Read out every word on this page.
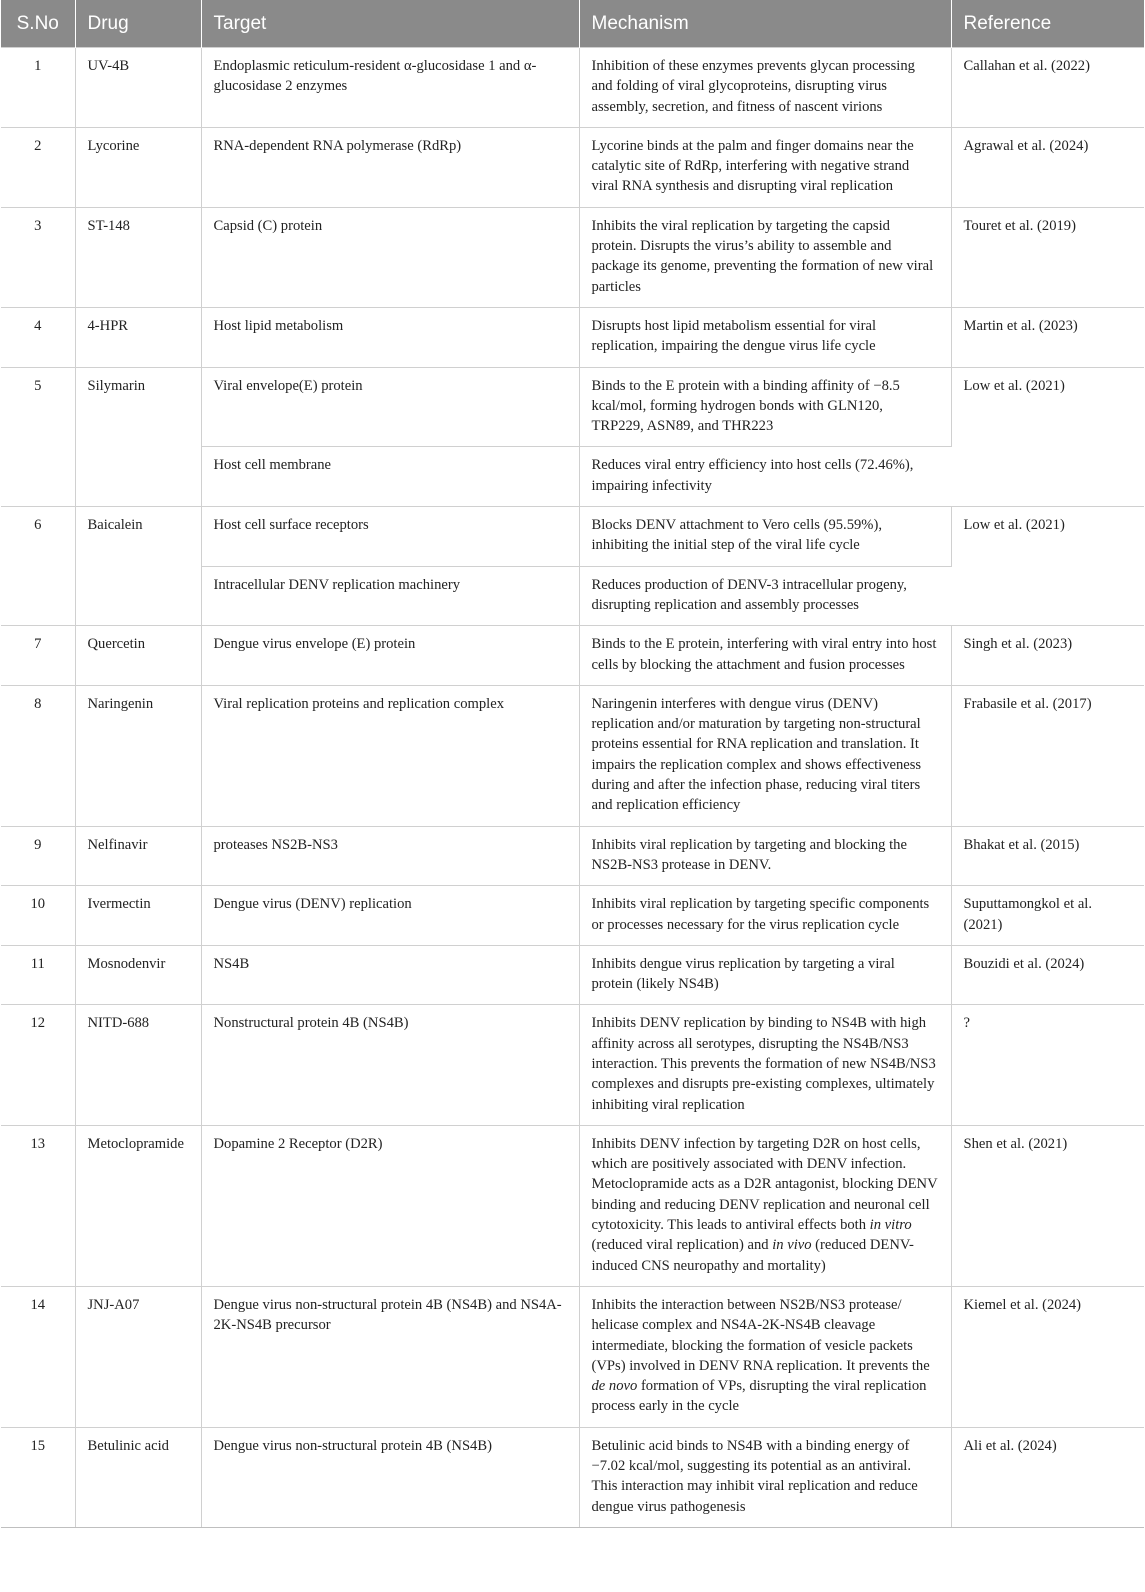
S.No	Drug	Target	Mechanism	Reference
1	UV-4B	Endoplasmic reticulum-resident α-glucosidase 1 and α-glucosidase 2 enzymes	Inhibition of these enzymes prevents glycan processing and folding of viral glycoproteins, disrupting virus assembly, secretion, and fitness of nascent virions	Callahan et al. (2022)
2	Lycorine	RNA-dependent RNA polymerase (RdRp)	Lycorine binds at the palm and finger domains near the catalytic site of RdRp, interfering with negative strand viral RNA synthesis and disrupting viral replication	Agrawal et al. (2024)
3	ST-148	Capsid (C) protein	Inhibits the viral replication by targeting the capsid protein. Disrupts the virus’s ability to assemble and package its genome, preventing the formation of new viral particles	Touret et al. (2019)
4	4-HPR	Host lipid metabolism	Disrupts host lipid metabolism essential for viral replication, impairing the dengue virus life cycle	Martin et al. (2023)
5	Silymarin	Viral envelope(E) protein	Binds to the E protein with a binding affinity of −8.5 kcal/mol, forming hydrogen bonds with GLN120, TRP229, ASN89, and THR223	Low et al. (2021)
		Host cell membrane	Reduces viral entry efficiency into host cells (72.46%), impairing infectivity	
6	Baicalein	Host cell surface receptors	Blocks DENV attachment to Vero cells (95.59%), inhibiting the initial step of the viral life cycle	Low et al. (2021)
		Intracellular DENV replication machinery	Reduces production of DENV-3 intracellular progeny, disrupting replication and assembly processes	
7	Quercetin	Dengue virus envelope (E) protein	Binds to the E protein, interfering with viral entry into host cells by blocking the attachment and fusion processes	Singh et al. (2023)
8	Naringenin	Viral replication proteins and replication complex	Naringenin interferes with dengue virus (DENV) replication and/or maturation by targeting non-structural proteins essential for RNA replication and translation. It impairs the replication complex and shows effectiveness during and after the infection phase, reducing viral titers and replication efficiency	Frabasile et al. (2017)
9	Nelfinavir	proteases NS2B-NS3	Inhibits viral replication by targeting and blocking the NS2B-NS3 protease in DENV.	Bhakat et al. (2015)
10	Ivermectin	Dengue virus (DENV) replication	Inhibits viral replication by targeting specific components or processes necessary for the virus replication cycle	Suputtamongkol et al. (2021)
11	Mosnodenvir	NS4B	Inhibits dengue virus replication by targeting a viral protein (likely NS4B)	Bouzidi et al. (2024)
12	NITD-688	Nonstructural protein 4B (NS4B)	Inhibits DENV replication by binding to NS4B with high affinity across all serotypes, disrupting the NS4B/NS3 interaction. This prevents the formation of new NS4B/NS3 complexes and disrupts pre-existing complexes, ultimately inhibiting viral replication	?
13	Metoclopramide	Dopamine 2 Receptor (D2R)	Inhibits DENV infection by targeting D2R on host cells, which are positively associated with DENV infection. Metoclopramide acts as a D2R antagonist, blocking DENV binding and reducing DENV replication and neuronal cell cytotoxicity. This leads to antiviral effects both in vitro (reduced viral replication) and in vivo (reduced DENV-induced CNS neuropathy and mortality)	Shen et al. (2021)
14	JNJ-A07	Dengue virus non-structural protein 4B (NS4B) and NS4A-2K-NS4B precursor	Inhibits the interaction between NS2B/NS3 protease/ helicase complex and NS4A-2K-NS4B cleavage intermediate, blocking the formation of vesicle packets (VPs) involved in DENV RNA replication. It prevents the de novo formation of VPs, disrupting the viral replication process early in the cycle	Kiemel et al. (2024)
15	Betulinic acid	Dengue virus non-structural protein 4B (NS4B)	Betulinic acid binds to NS4B with a binding energy of −7.02 kcal/mol, suggesting its potential as an antiviral. This interaction may inhibit viral replication and reduce dengue virus pathogenesis	Ali et al. (2024)
